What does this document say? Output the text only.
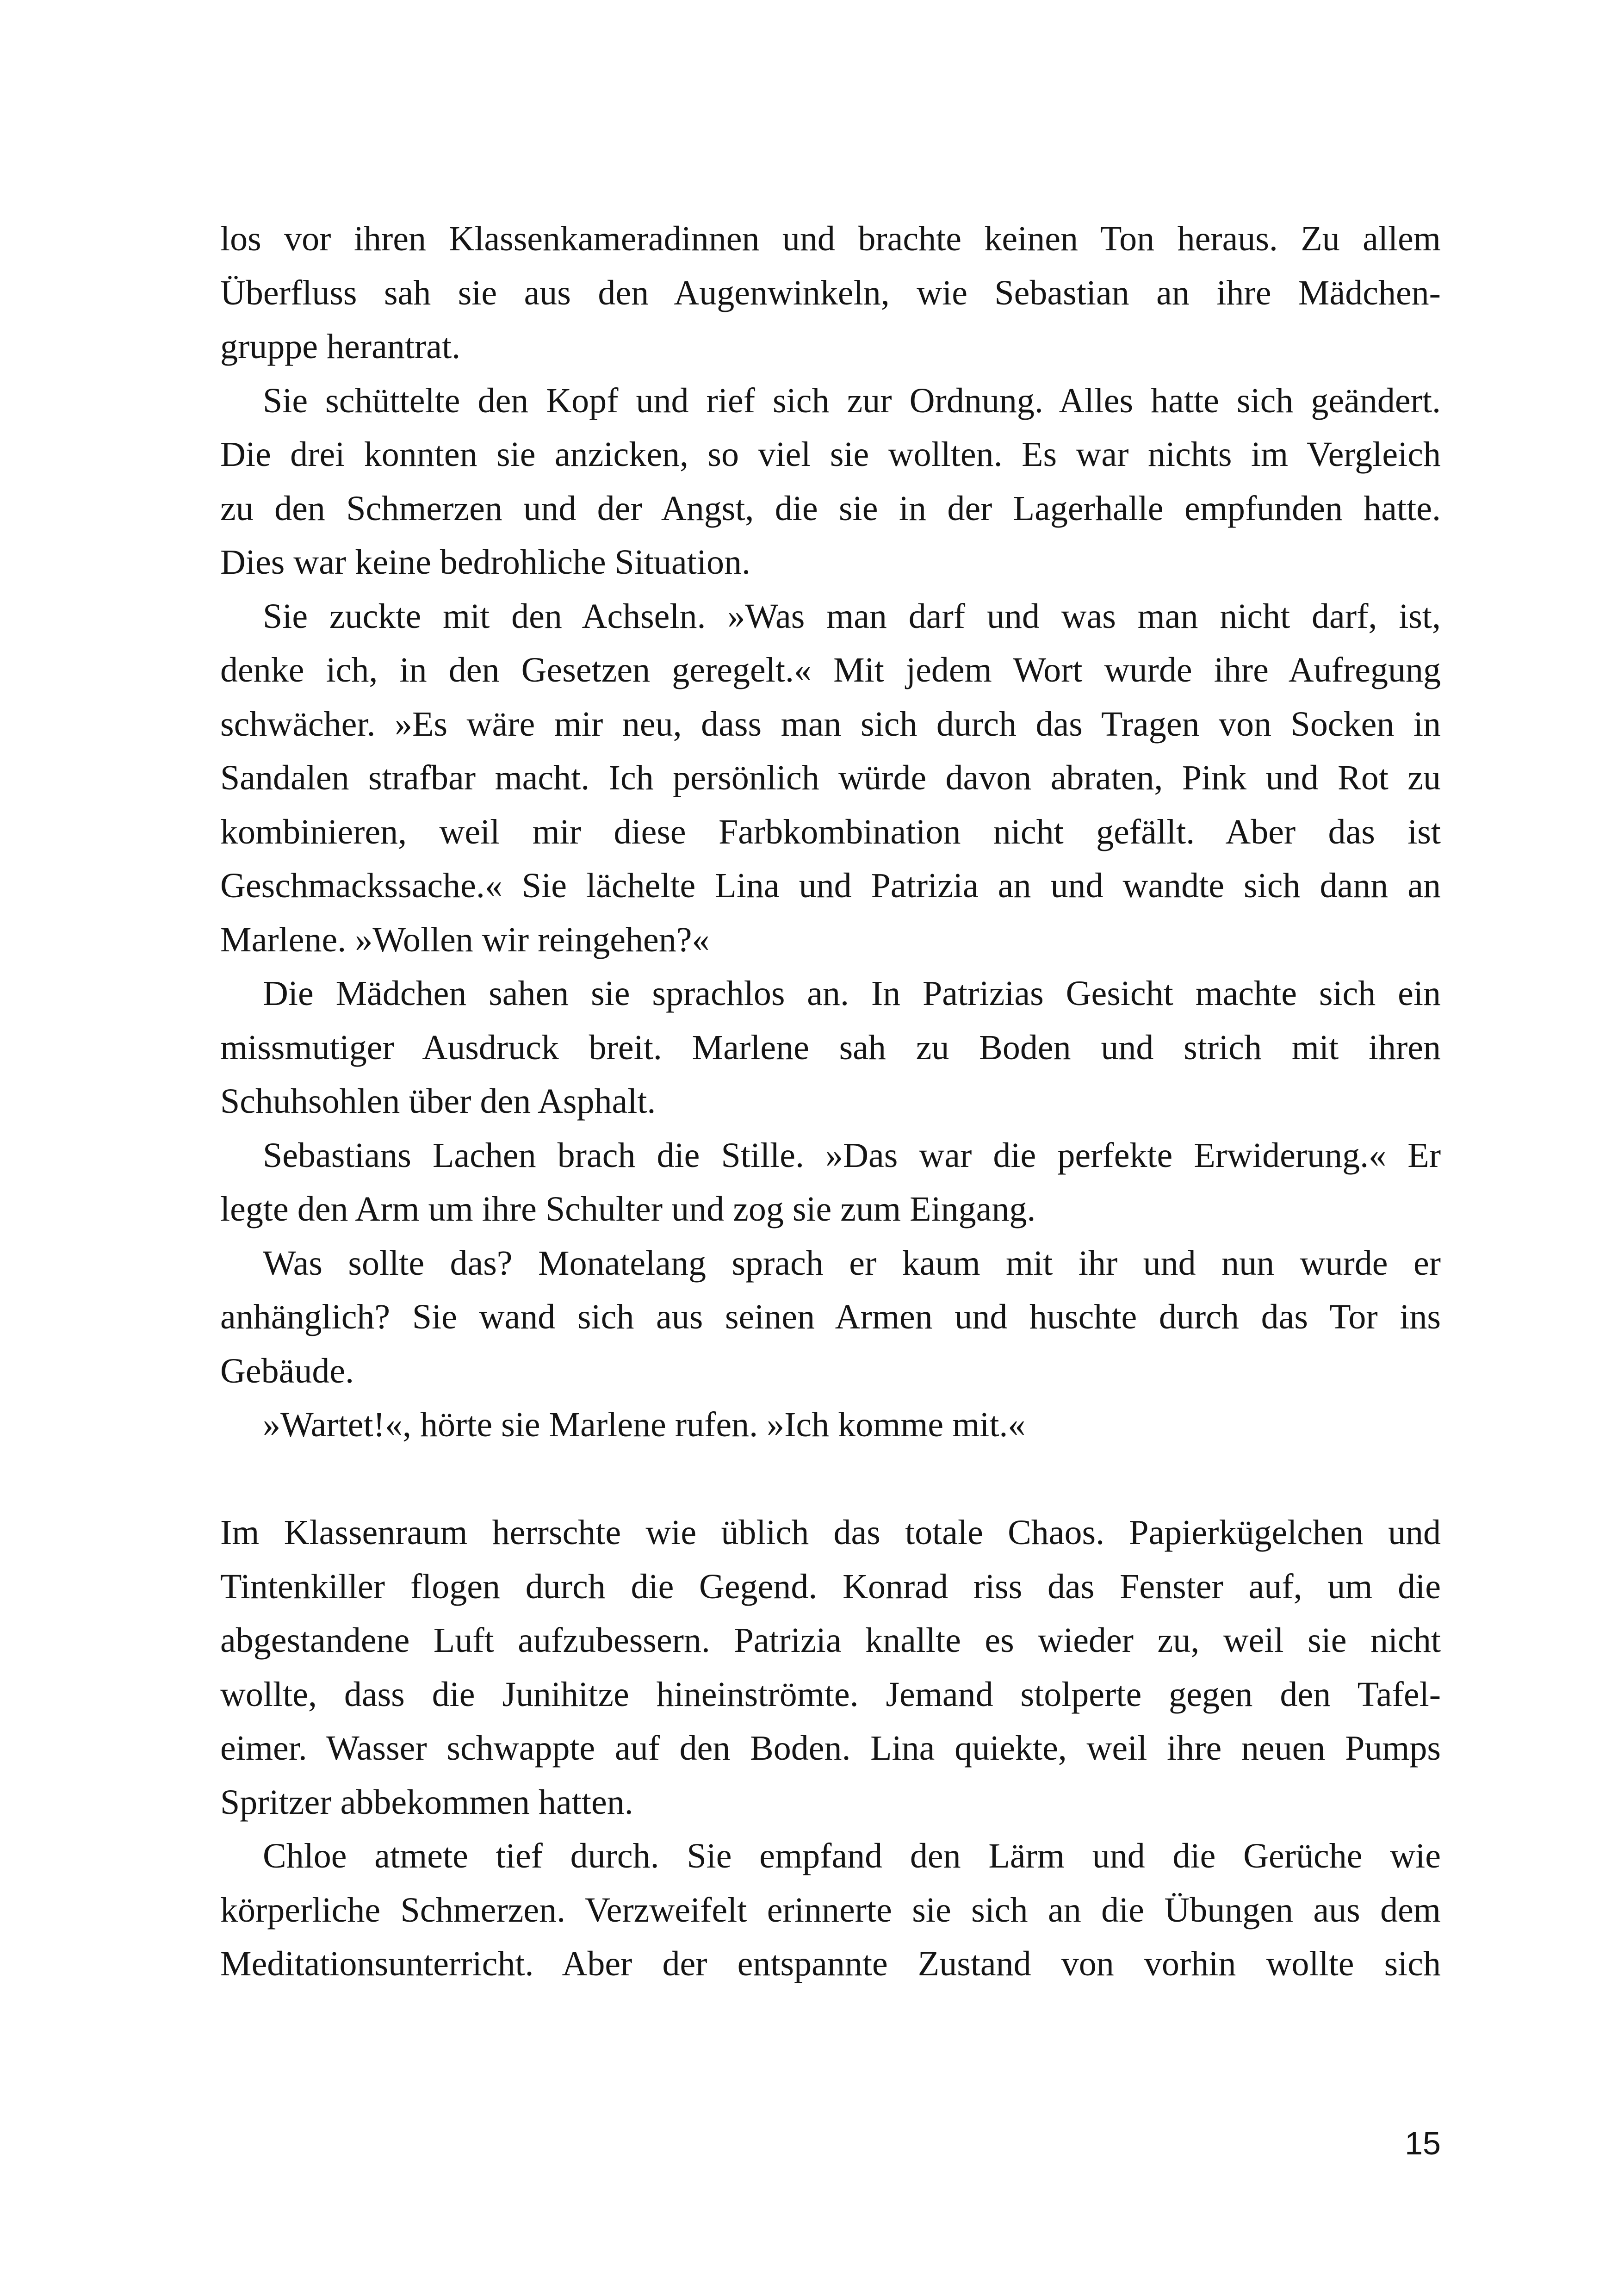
los vor ihren Klassenkameradinnen und brachte keinen Ton heraus. Zu allem
Überfluss sah sie aus den Augenwinkeln, wie Sebastian an ihre Mädchen-
gruppe herantrat.
Sie schüttelte den Kopf und rief sich zur Ordnung. Alles hatte sich geändert.
Die drei konnten sie anzicken, so viel sie wollten. Es war nichts im Vergleich
zu den Schmerzen und der Angst, die sie in der Lagerhalle empfunden hatte.
Dies war keine bedrohliche Situation.
Sie zuckte mit den Achseln. »Was man darf und was man nicht darf, ist,
denke ich, in den Gesetzen geregelt.« Mit jedem Wort wurde ihre Aufregung
schwächer. »Es wäre mir neu, dass man sich durch das Tragen von Socken in
Sandalen strafbar macht. Ich persönlich würde davon abraten, Pink und Rot zu
kombinieren, weil mir diese Farbkombination nicht gefällt. Aber das ist
Geschmackssache.« Sie lächelte Lina und Patrizia an und wandte sich dann an
Marlene. »Wollen wir reingehen?«
Die Mädchen sahen sie sprachlos an. In Patrizias Gesicht machte sich ein
missmutiger Ausdruck breit. Marlene sah zu Boden und strich mit ihren
Schuhsohlen über den Asphalt.
Sebastians Lachen brach die Stille. »Das war die perfekte Erwiderung.« Er
legte den Arm um ihre Schulter und zog sie zum Eingang.
Was sollte das? Monatelang sprach er kaum mit ihr und nun wurde er
anhänglich? Sie wand sich aus seinen Armen und huschte durch das Tor ins
Gebäude.
»Wartet!«, hörte sie Marlene rufen. »Ich komme mit.«
Im Klassenraum herrschte wie üblich das totale Chaos. Papierkügelchen und
Tintenkiller flogen durch die Gegend. Konrad riss das Fenster auf, um die
abgestandene Luft aufzubessern. Patrizia knallte es wieder zu, weil sie nicht
wollte, dass die Junihitze hineinströmte. Jemand stolperte gegen den Tafel-
eimer. Wasser schwappte auf den Boden. Lina quiekte, weil ihre neuen Pumps
Spritzer abbekommen hatten.
Chloe atmete tief durch. Sie empfand den Lärm und die Gerüche wie
körperliche Schmerzen. Verzweifelt erinnerte sie sich an die Übungen aus dem
Meditationsunterricht. Aber der entspannte Zustand von vorhin wollte sich
15
